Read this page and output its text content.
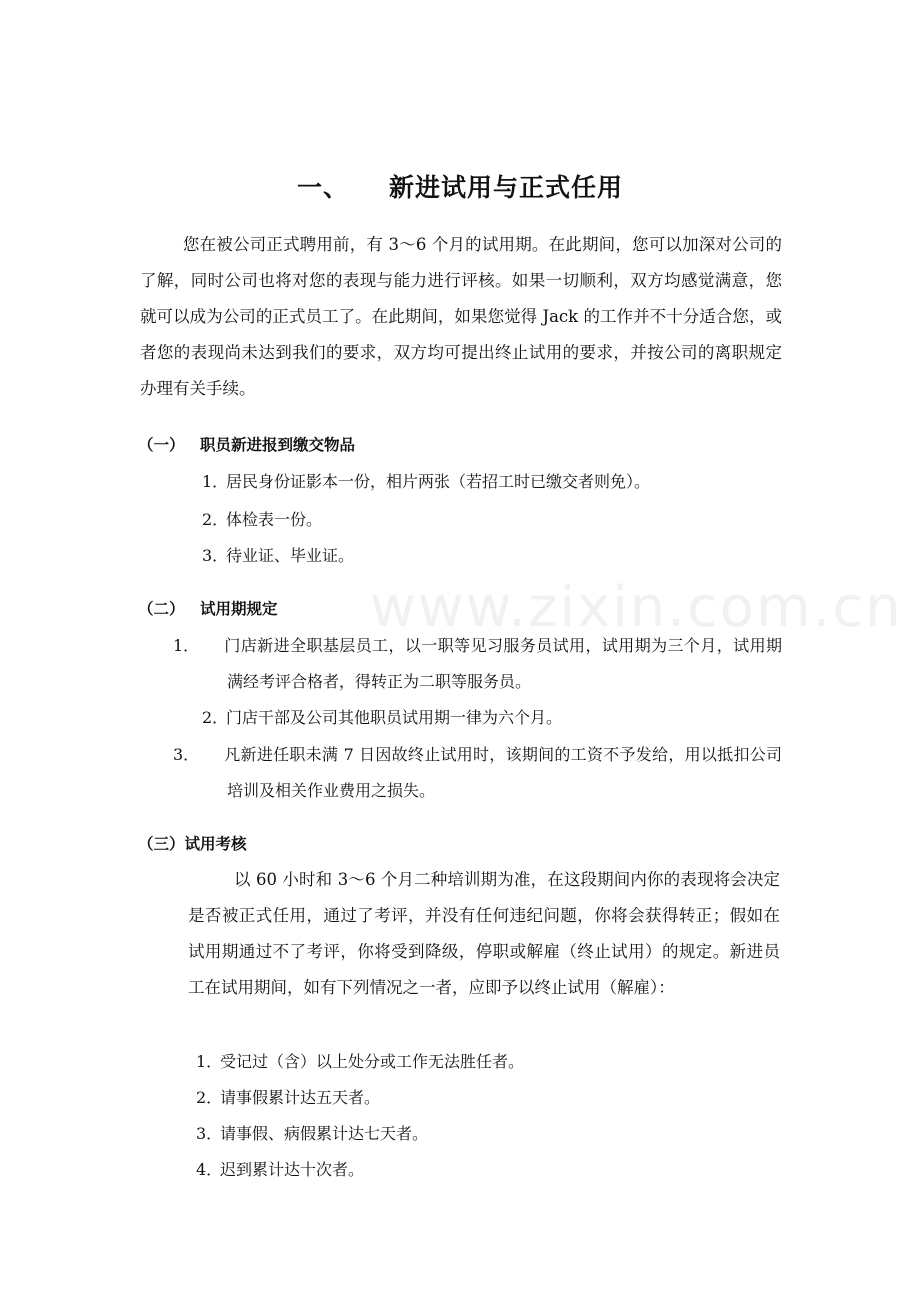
www.zixin.com.cn
一、 新进试用与正式任用
您在被公司正式聘用前，有 3～6 个月的试用期。在此期间，您可以加深对公司的了解，同时公司也将对您的表现与能力进行评核。如果一切顺利，双方均感觉满意，您就可以成为公司的正式员工了。在此期间，如果您觉得 Jack 的工作并不十分适合您，或者您的表现尚未达到我们的要求，双方均可提出终止试用的要求，并按公司的离职规定办理有关手续。
（一） 职员新进报到缴交物品
1．居民身份证影本一份，相片两张（若招工时已缴交者则免）。
2．体检表一份。
3．待业证、毕业证。
（二） 试用期规定
1． 门店新进全职基层员工，以一职等见习服务员试用，试用期为三个月，试用期满经考评合格者，得转正为二职等服务员。
2．门店干部及公司其他职员试用期一律为六个月。
3． 凡新进任职未满 7 日因故终止试用时，该期间的工资不予发给，用以抵扣公司培训及相关作业费用之损失。
（三）试用考核
以 60 小时和 3～6 个月二种培训期为准，在这段期间内你的表现将会决定是否被正式任用，通过了考评，并没有任何违纪问题，你将会获得转正；假如在试用期通过不了考评，你将受到降级，停职或解雇（终止试用）的规定。新进员工在试用期间，如有下列情况之一者，应即予以终止试用（解雇）：
1．受记过（含）以上处分或工作无法胜任者。
2．请事假累计达五天者。
3．请事假、病假累计达七天者。
4．迟到累计达十次者。
